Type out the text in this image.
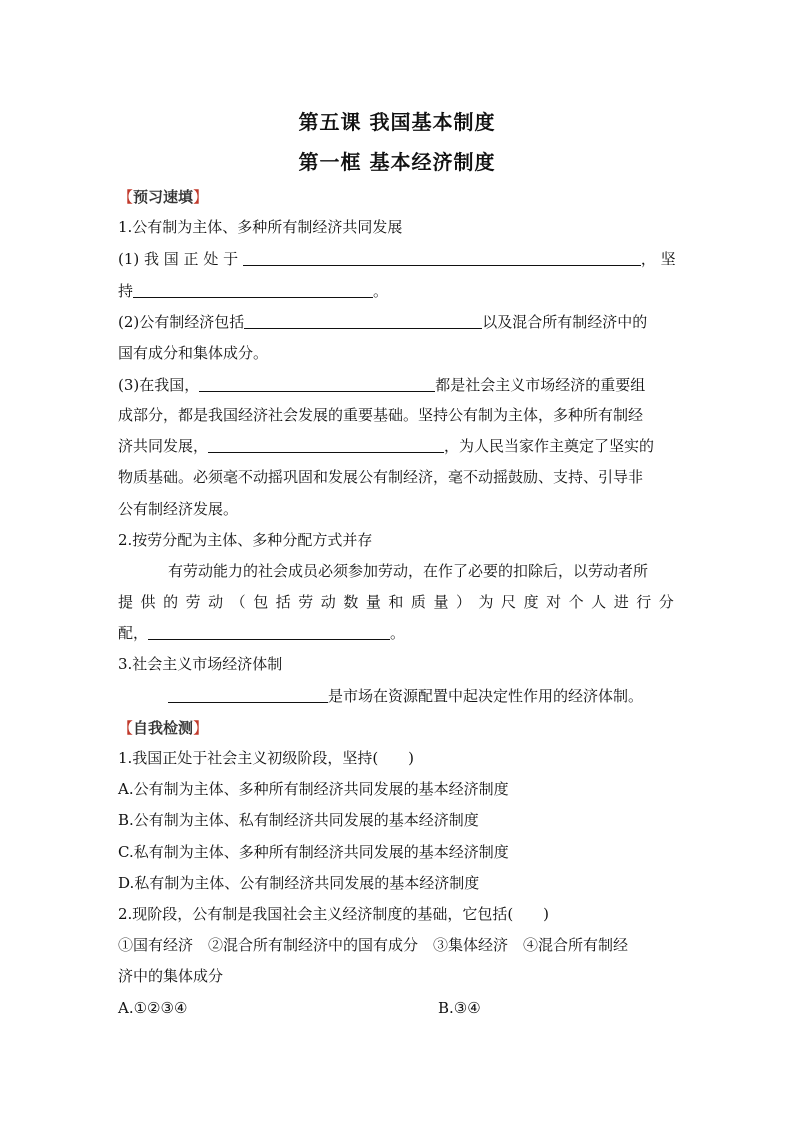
第五课 我国基本制度
第一框 基本经济制度
【预习速填】
1.公有制为主体、多种所有制经济共同发展
(1) 我 国 正 处 于	， 坚
持	。
(2)公有制经济包括	以及混合所有制经济中的
国有成分和集体成分。
(3)在我国，	都是社会主义市场经济的重要组
成部分，都是我国经济社会发展的重要基础。坚持公有制为主体，多种所有制经
济共同发展，	，为人民当家作主奠定了坚实的
物质基础。必须毫不动摇巩固和发展公有制经济，毫不动摇鼓励、支持、引导非
公有制经济发展。
2.按劳分配为主体、多种分配方式并存
有劳动能力的社会成员必须参加劳动，在作了必要的扣除后，以劳动者所
提 供 的 劳 动 （ 包 括 劳 动 数 量 和 质 量 ） 为 尺 度 对 个 人 进 行 分
配，	。
3.社会主义市场经济体制
是市场在资源配置中起决定性作用的经济体制。
【自我检测】
1.我国正处于社会主义初级阶段，坚持(　　)
A.公有制为主体、多种所有制经济共同发展的基本经济制度
B.公有制为主体、私有制经济共同发展的基本经济制度
C.私有制为主体、多种所有制经济共同发展的基本经济制度
D.私有制为主体、公有制经济共同发展的基本经济制度
2.现阶段，公有制是我国社会主义经济制度的基础，它包括(　　)
①国有经济　②混合所有制经济中的国有成分　③集体经济　④混合所有制经
济中的集体成分
A.①②③④	B.③④
